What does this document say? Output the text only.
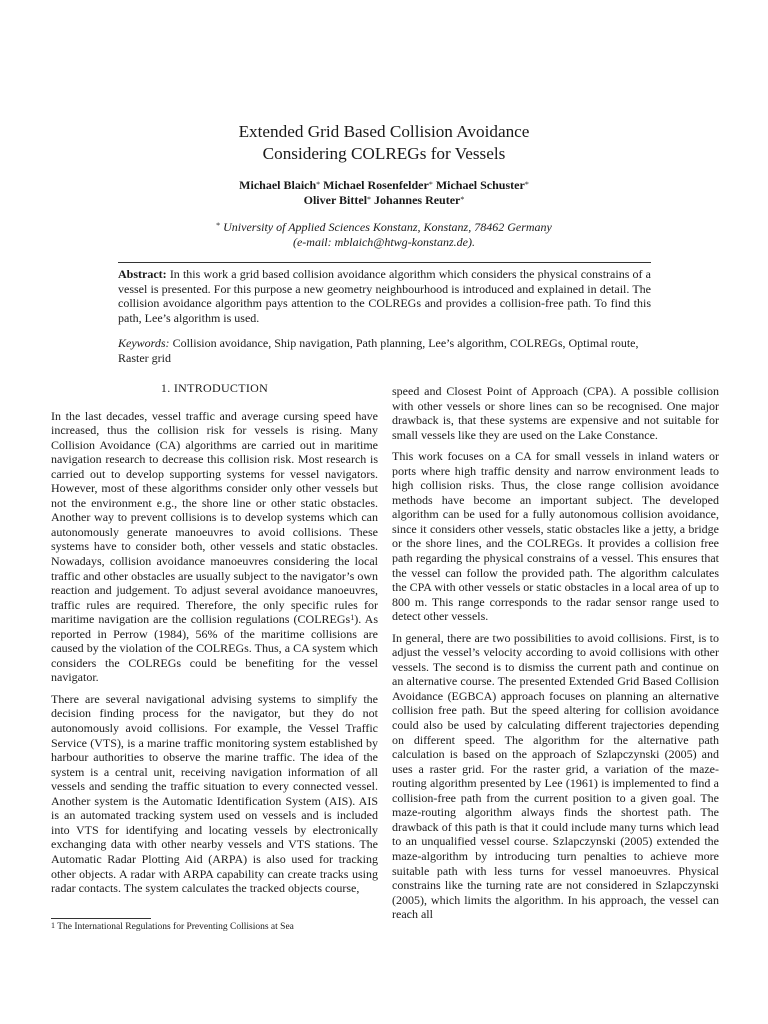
Extended Grid Based Collision Avoidance
Considering COLREGs for Vessels
Michael Blaich* Michael Rosenfelder* Michael Schuster*
Oliver Bittel* Johannes Reuter*
* University of Applied Sciences Konstanz, Konstanz, 78462 Germany
(e-mail: mblaich@htwg-konstanz.de).

Abstract: In this work a grid based collision avoidance algorithm which considers the physical constrains of a vessel is presented. For this purpose a new geometry neighbourhood is introduced and explained in detail. The collision avoidance algorithm pays attention to the COLREGs and provides a collision-free path. To find this path, Lee’s algorithm is used.

Keywords: Collision avoidance, Ship navigation, Path planning, Lee’s algorithm, COLREGs, Optimal route, Raster grid

1. INTRODUCTION

In the last decades, vessel traffic and average cursing speed have increased, thus the collision risk for vessels is rising. Many Collision Avoidance (CA) algorithms are carried out in maritime navigation research to decrease this collision risk. Most research is carried out to develop supporting systems for vessel navigators. However, most of these algorithms consider only other vessels but not the environment e.g., the shore line or other static obstacles. Another way to prevent collisions is to develop systems which can autonomously generate manoeuvres to avoid collisions. These systems have to consider both, other vessels and static obstacles. Nowadays, collision avoidance manoeuvres considering the local traffic and other obstacles are usually subject to the navigator’s own reaction and judgement. To adjust several avoidance manoeuvres, traffic rules are required. Therefore, the only specific rules for maritime navigation are the collision regulations (COLREGs$^1$). As reported in Perrow (1984), 56% of the maritime collisions are caused by the violation of the COLREGs. Thus, a CA system which considers the COLREGs could be benefiting for the vessel navigator.

There are several navigational advising systems to simplify the decision finding process for the navigator, but they do not autonomously avoid collisions. For example, the Vessel Traffic Service (VTS), is a marine traffic monitoring system established by harbour authorities to observe the marine traffic. The idea of the system is a central unit, receiving navigation information of all vessels and sending the traffic situation to every connected vessel. Another system is the Automatic Identification System (AIS). AIS is an automated tracking system used on vessels and is included into VTS for identifying and locating vessels by electronically exchanging data with other nearby vessels and VTS stations. The Automatic Radar Plotting Aid (ARPA) is also used for tracking other objects. A radar with ARPA capability can create tracks using radar contacts. The system calculates the tracked objects course,

speed and Closest Point of Approach (CPA). A possible collision with other vessels or shore lines can so be recognised. One major drawback is, that these systems are expensive and not suitable for small vessels like they are used on the Lake Constance.

This work focuses on a CA for small vessels in inland waters or ports where high traffic density and narrow environment leads to high collision risks. Thus, the close range collision avoidance methods have become an important subject. The developed algorithm can be used for a fully autonomous collision avoidance, since it considers other vessels, static obstacles like a jetty, a bridge or the shore lines, and the COLREGs. It provides a collision free path regarding the physical constrains of a vessel. This ensures that the vessel can follow the provided path. The algorithm calculates the CPA with other vessels or static obstacles in a local area of up to 800 m. This range corresponds to the radar sensor range used to detect other vessels.

In general, there are two possibilities to avoid collisions. First, is to adjust the vessel’s velocity according to avoid collisions with other vessels. The second is to dismiss the current path and continue on an alternative course. The presented Extended Grid Based Collision Avoidance (EGBCA) approach focuses on planning an alternative collision free path. But the speed altering for collision avoidance could also be used by calculating different trajectories depending on different speed. The algorithm for the alternative path calculation is based on the approach of Szlapczynski (2005) and uses a raster grid. For the raster grid, a variation of the maze-routing algorithm presented by Lee (1961) is implemented to find a collision-free path from the current position to a given goal. The maze-routing algorithm always finds the shortest path. The drawback of this path is that it could include many turns which lead to an unqualified vessel course. Szlapczynski (2005) extended the maze-algorithm by introducing turn penalties to achieve more suitable path with less turns for vessel manoeuvres. Physical constrains like the turning rate are not considered in Szlapczynski (2005), which limits the algorithm. In his approach, the vessel can reach all

$^1$ The International Regulations for Preventing Collisions at Sea
